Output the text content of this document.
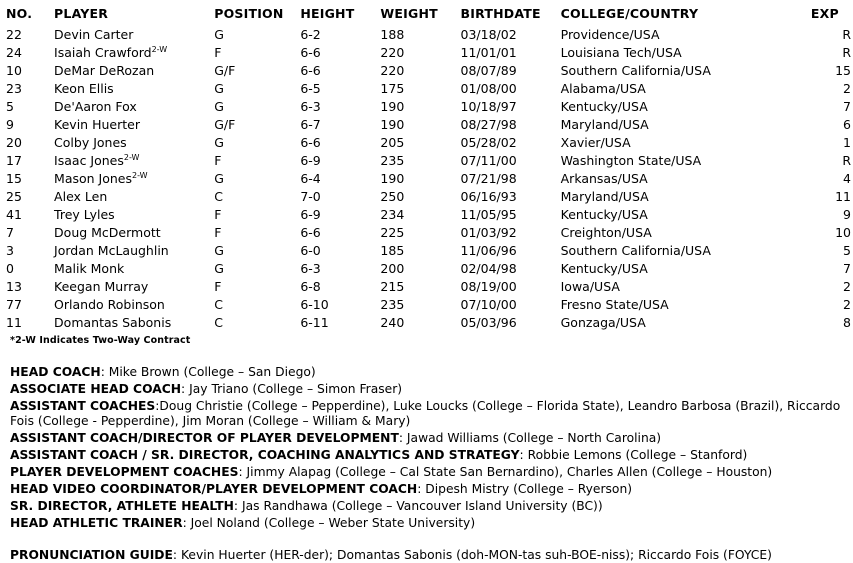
NO.	PLAYER	POSITION	HEIGHT	WEIGHT	BIRTHDATE	COLLEGE/COUNTRY	EXP
22	Devin Carter	G	6-2	188	03/18/02	Providence/USA	R
24	Isaiah Crawford$^{2-W}$	F	6-6	220	11/01/01	Louisiana Tech/USA	R
10	DeMar DeRozan	G/F	6-6	220	08/07/89	Southern California/USA	15
23	Keon Ellis	G	6-5	175	01/08/00	Alabama/USA	2
5	De'Aaron Fox	G	6-3	190	10/18/97	Kentucky/USA	7
9	Kevin Huerter	G/F	6-7	190	08/27/98	Maryland/USA	6
20	Colby Jones	G	6-6	205	05/28/02	Xavier/USA	1
17	Isaac Jones$^{2-W}$	F	6-9	235	07/11/00	Washington State/USA	R
15	Mason Jones$^{2-W}$	G	6-4	190	07/21/98	Arkansas/USA	4
25	Alex Len	C	7-0	250	06/16/93	Maryland/USA	11
41	Trey Lyles	F	6-9	234	11/05/95	Kentucky/USA	9
7	Doug McDermott	F	6-6	225	01/03/92	Creighton/USA	10
3	Jordan McLaughlin	G	6-0	185	11/06/96	Southern California/USA	5
0	Malik Monk	G	6-3	200	02/04/98	Kentucky/USA	7
13	Keegan Murray	F	6-8	215	08/19/00	Iowa/USA	2
77	Orlando Robinson	C	6-10	235	07/10/00	Fresno State/USA	2
11	Domantas Sabonis	C	6-11	240	05/03/96	Gonzaga/USA	8
*2-W Indicates Two-Way Contract
HEAD COACH: Mike Brown (College – San Diego)
ASSOCIATE HEAD COACH: Jay Triano (College – Simon Fraser)
ASSISTANT COACHES:Doug Christie (College – Pepperdine), Luke Loucks (College – Florida State), Leandro Barbosa (Brazil), Riccardo Fois (College - Pepperdine), Jim Moran (College – William & Mary)
ASSISTANT COACH/DIRECTOR OF PLAYER DEVELOPMENT: Jawad Williams (College – North Carolina)
ASSISTANT COACH / SR. DIRECTOR, COACHING ANALYTICS AND STRATEGY: Robbie Lemons (College – Stanford)
PLAYER DEVELOPMENT COACHES: Jimmy Alapag (College – Cal State San Bernardino), Charles Allen (College – Houston)
HEAD VIDEO COORDINATOR/PLAYER DEVELOPMENT COACH: Dipesh Mistry (College – Ryerson)
SR. DIRECTOR, ATHLETE HEALTH: Jas Randhawa (College – Vancouver Island University (BC))
HEAD ATHLETIC TRAINER: Joel Noland (College – Weber State University)
PRONUNCIATION GUIDE: Kevin Huerter (HER-der); Domantas Sabonis (doh-MON-tas suh-BOE-niss); Riccardo Fois (FOYCE)
